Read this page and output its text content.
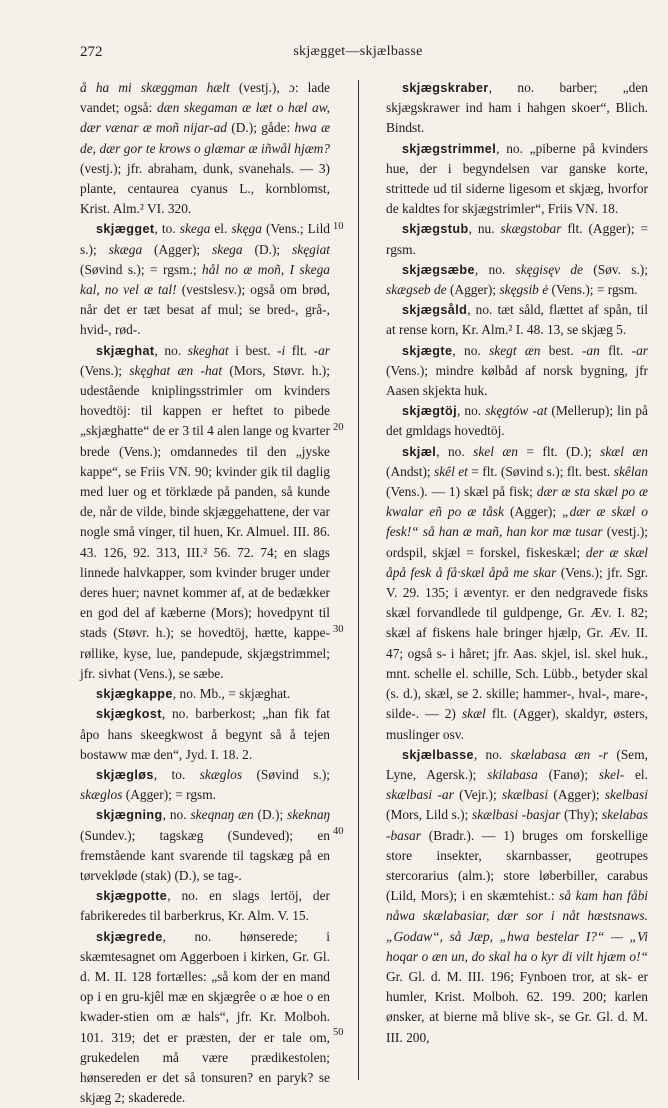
272	skjægget—skjælbasse

å ha mi skæggman hælt (vestj.), ɔ: lade vandet; også: dæn skegaman æ læt o hæl aw, dær vænar æ moñ nijar-ad (D.); gåde: hwa æ de, dær gor te krows o glæmar æ iñwål hjæm? (vestj.); jfr. abraham, dunk, svanehals. — 3) plante, centaurea cyanus L., kornblomst, Krist. Alm.² VI. 320.

skjægget, to. skega el. skęga (Vens.; Lild s.); skæga (Agger); skega (D.); skęgiat (Søvind s.); = rgsm.; hål no æ moñ, I skega kal, no vel æ tal! (vestslesv.); også om brød, når det er tæt besat af mul; se bred-, grå-, hvid-, rød-.

skjæghat, no. skeghat i best. -i flt. -ar (Vens.); skęghat æn -hat (Mors, Støvr. h.); udestående kniplingsstrimler om kvinders hovedtöj: til kappen er heftet to pibede „skjæghatte“ de er 3 til 4 alen lange og kvarter brede (Vens.); omdannedes til den „jyske kappe“, se Friis VN. 90; kvinder gik til daglig med luer og et törklæde på panden, så kunde de, når de vilde, binde skjæggehattene, der var nogle små vinger, til huen, Kr. Almuel. III. 86. 43. 126, 92. 313, III.² 56. 72. 74; en slags linnede halvkapper, som kvinder bruger under deres huer; navnet kommer af, at de bedækker en god del af kæberne (Mors); hovedpynt til stads (Støvr. h.); se hovedtöj, hætte, kappe-røllike, kyse, lue, pandepude, skjægstrimmel; jfr. sivhat (Vens.), se sæbe.

skjægkappe, no. Mb., = skjæghat.

skjægkost, no. barberkost; „han fik fat åpo hans skeegkwost å begynt så å tejen bostaww mæ den“, Jyd. I. 18. 2.

skjægløs, to. skæglos (Søvind s.); skæglos (Agger); = rgsm.

skjægning, no. skeqnaŋ æn (D.); skeknaŋ (Sundev.); tagskæg (Sundeved); en fremstående kant svarende til tagskæg på en tørvekløde (stak) (D.), se tag-.

skjægpotte, no. en slags lertöj, der fabrikeredes til barberkrus, Kr. Alm. V. 15.

skjægrede, no. hønserede; i skæmtesagnet om Aggerboen i kirken, Gr. Gl. d. M. II. 128 fortælles: „så kom der en mand op i en gru-kjêl mæ en skjægrêe o æ hoe o en kwader-stien om æ hals“, jfr. Kr. Molboh. 101. 319; det er præsten, der er tale om, grukedelen må være prædikestolen; hønsereden er det så tonsuren? en paryk? se skjæg 2; skaderede.

10
20
30
40
50

skjægskraber, no. barber; „den skjægskrawer ind ham i hahgen skoer“, Blich. Bindst.

skjægstrimmel, no. „piberne på kvinders hue, der i begyndelsen var ganske korte, strittede ud til siderne ligesom et skjæg, hvorfor de kaldtes for skjægstrimler“, Friis VN. 18.

skjægstub, nu. skægstobar flt. (Agger); = rgsm.

skjægsæbe, no. skęgisęv de (Søv. s.); skægseb de (Agger); skęgsib ė (Vens.); = rgsm.

skjægsåld, no. tæt såld, flættet af spån, til at rense korn, Kr. Alm.² I. 48. 13, se skjæg 5.

skjægte, no. skegt æn best. -an flt. -ar (Vens.); mindre kølbåd af norsk bygning, jfr Aasen skjekta huk.

skjægtöj, no. skęgtów -at (Mellerup); lin på det gmldags hovedtöj.

skjæl, no. skel æn = flt. (D.); skæl æn (Andst); skêl et = flt. (Søvind s.); flt. best. skêlan (Vens.). — 1) skæl på fisk; dær æ sta skæl po æ kwalar eñ po æ tåsk (Agger); „dær æ skæl o fesk!“ så han æ mañ, han kor mæ tusar (vestj.); ordspil, skjæl = forskel, fiskeskæl; der æ skæl åpå fesk å få·skæl åpå me skar (Vens.); jfr. Sgr. V. 29. 135; i æventyr. er den nedgravede fisks skæl forvandlede til guldpenge, Gr. Æv. I. 82; skæl af fiskens hale bringer hjælp, Gr. Æv. II. 47; også s- i håret; jfr. Aas. skjel, isl. skel huk., mnt. schelle el. schille, Sch. Lübb., betyder skal (s. d.), skæl, se 2. skille; hammer-, hval-, mare-, silde-. — 2) skæl flt. (Agger), skaldyr, østers, muslinger osv.

skjælbasse, no. skælabasa æn -r (Sem, Lyne, Agersk.); skilabasa (Fanø); skel- el. skælbasi -ar (Vejr.); skælbasi (Agger); skelbasi (Mors, Lild s.); skælbasi -basjar (Thy); skelabas -basar (Bradr.). — 1) bruges om forskellige store insekter, skarnbasser, geotrupes stercorarius (alm.); store løberbiller, carabus (Lild, Mors); i en skæmtehist.: så kam han fåbi nåwa skælabasiar, dær sor i nåt hæstsnaws. „Godaw“, så Jæp, „hwa bestelar I?“ — „Vi hoqar o æn un, do skal ha o kyr di vilt hjæm o!“ Gr. Gl. d. M. III. 196; Fynboen tror, at sk- er humler, Krist. Molboh. 62. 199. 200; karlen ønsker, at bierne må blive sk-, se Gr. Gl. d. M. III. 200,
